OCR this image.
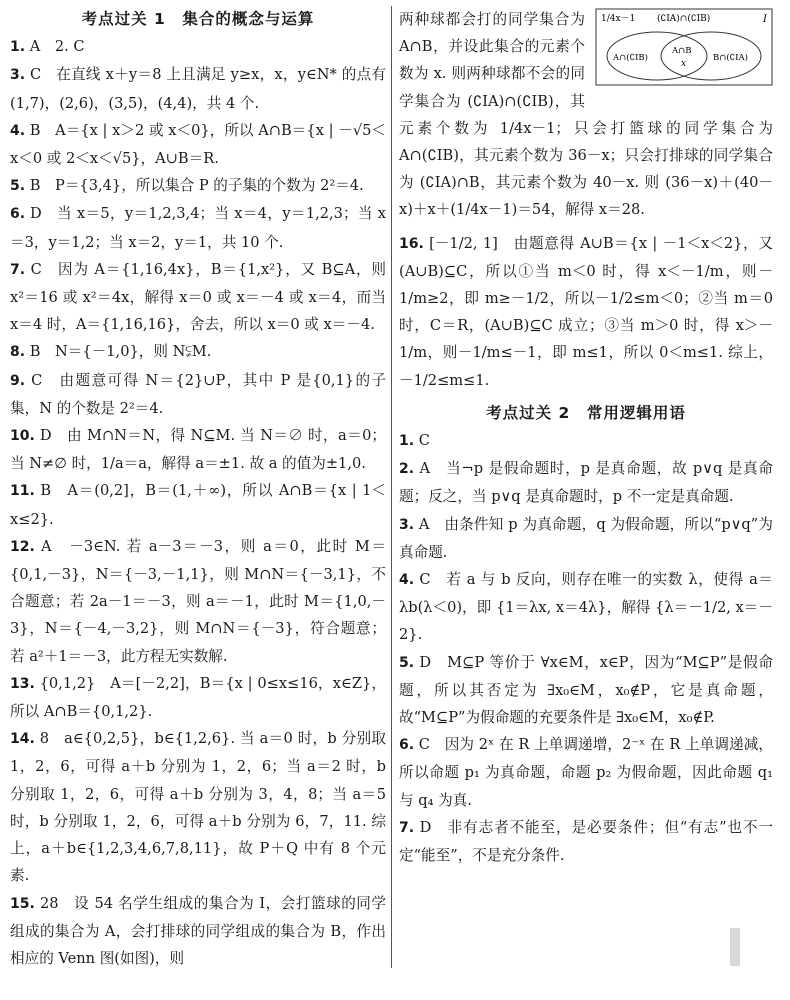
考点过关 1　集合的概念与运算

1. A　2. C

3. C　在直线 x＋y＝8 上且满足 y≥x，x，y∈N* 的点有(1,7)，(2,6)，(3,5)，(4,4)，共 4 个.

4. B　A＝{x | x＞2 或 x＜0}，所以 A∩B＝{x | －√5＜x＜0 或 2＜x＜√5}，A∪B＝R.

5. B　P＝{3,4}，所以集合 P 的子集的个数为 2²＝4.

6. D　当 x＝5，y＝1,2,3,4；当 x＝4，y＝1,2,3；当 x＝3，y＝1,2；当 x＝2，y＝1，共 10 个.

7. C　因为 A＝{1,16,4x}，B＝{1,x²}，又 B⊆A，则 x²＝16 或 x²＝4x，解得 x＝0 或 x＝－4 或 x＝4，而当 x＝4 时，A＝{1,16,16}，舍去，所以 x＝0 或 x＝－4.

8. B　N＝{－1,0}，则 N⫋M.

9. C　由题意可得 N＝{2}∪P，其中 P 是{0,1}的子集，N 的个数是 2²＝4.

10. D　由 M∩N＝N，得 N⊆M. 当 N＝∅ 时，a＝0；当 N≠∅ 时，1/a＝a，解得 a＝±1. 故 a 的值为±1,0.

11. B　A＝(0,2]，B＝(1,＋∞)，所以 A∩B＝{x | 1＜x≤2}.

12. A　－3∈N. 若 a－3＝－3，则 a＝0，此时 M＝{0,1,－3}，N＝{－3,－1,1}，则 M∩N＝{－3,1}，不合题意；若 2a－1＝－3，则 a＝－1，此时 M＝{1,0,－3}，N＝{－4,－3,2}，则 M∩N＝{－3}，符合题意；若 a²＋1＝－3，此方程无实数解.

13. {0,1,2}　A＝[－2,2]，B＝{x | 0≤x≤16，x∈Z}，所以 A∩B＝{0,1,2}.

14. 8　a∈{0,2,5}，b∈{1,2,6}. 当 a＝0 时，b 分别取 1，2，6，可得 a＋b 分别为 1，2，6；当 a＝2 时，b 分别取 1，2，6，可得 a＋b 分别为 3，4，8；当 a＝5 时，b 分别取 1，2，6，可得 a＋b 分别为 6，7，11. 综上，a＋b∈{1,2,3,4,6,7,8,11}，故 P＋Q 中有 8 个元素.

15. 28　设 54 名学生组成的集合为 I，会打篮球的同学组成的集合为 A，会打排球的同学组成的集合为 B，作出相应的 Venn 图(如图)，则

I
1/4x－1 (∁IA)∩(∁IB)
A∩(∁IB)
A∩B
x
B∩(∁IA)

两种球都会打的同学集合为 A∩B，并设此集合的元素个数为 x. 则两种球都不会的同学集合为 (∁IA)∩(∁IB)，其元素个数为 1/4x－1；只会打篮球的同学集合为 A∩(∁IB)，其元素个数为 36－x；只会打排球的同学集合为 (∁IA)∩B，其元素个数为 40－x. 则 (36－x)＋(40－x)＋x＋(1/4x－1)＝54，解得 x＝28.

16. [－1/2, 1]　由题意得 A∪B＝{x | －1＜x＜2}，又(A∪B)⊆C，所以①当 m＜0 时，得 x＜－1/m，则－1/m≥2，即 m≥－1/2，所以－1/2≤m＜0；②当 m＝0 时，C＝R，(A∪B)⊆C 成立；③当 m＞0 时，得 x＞－1/m，则－1/m≤－1，即 m≤1，所以 0＜m≤1. 综上，－1/2≤m≤1.

考点过关 2　常用逻辑用语

1. C

2. A　当¬p 是假命题时，p 是真命题，故 p∨q 是真命题；反之，当 p∨q 是真命题时，p 不一定是真命题.

3. A　由条件知 p 为真命题，q 为假命题，所以“p∨q”为真命题.

4. C　若 a 与 b 反向，则存在唯一的实数 λ，使得 a＝λb(λ＜0)，即 {1＝λx, x＝4λ}，解得 {λ＝－1/2, x＝－2}.

5. D　M⊆P 等价于 ∀x∈M，x∈P，因为“M⊆P”是假命题，所以其否定为 ∃x₀∈M，x₀∉P，它是真命题，故“M⊆P”为假命题的充要条件是 ∃x₀∈M，x₀∉P.

6. C　因为 2ˣ 在 R 上单调递增，2⁻ˣ 在 R 上单调递减，所以命题 p₁ 为真命题，命题 p₂ 为假命题，因此命题 q₁ 与 q₄ 为真.

7. D　非有志者不能至，是必要条件；但“有志”也不一定“能至”，不是充分条件.
